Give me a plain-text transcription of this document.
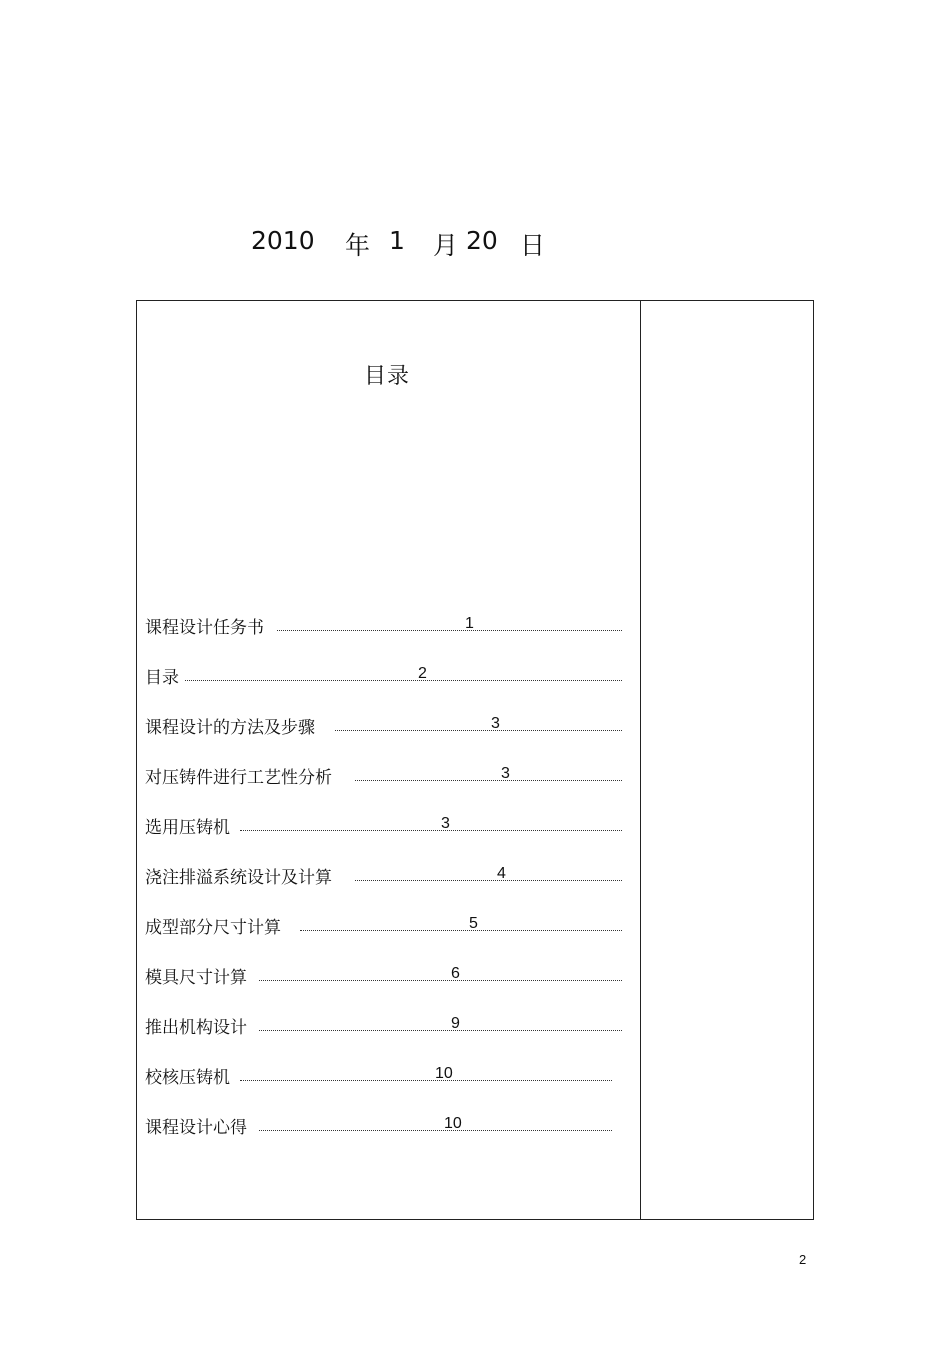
2010 年 1 月 20 日
目录
课程设计任务书	1
目录	2
课程设计的方法及步骤	3
对压铸件进行工艺性分析	3
选用压铸机	3
浇注排溢系统设计及计算	4
成型部分尺寸计算	5
模具尺寸计算	6
推出机构设计	9
校核压铸机	10
课程设计心得	10
2
